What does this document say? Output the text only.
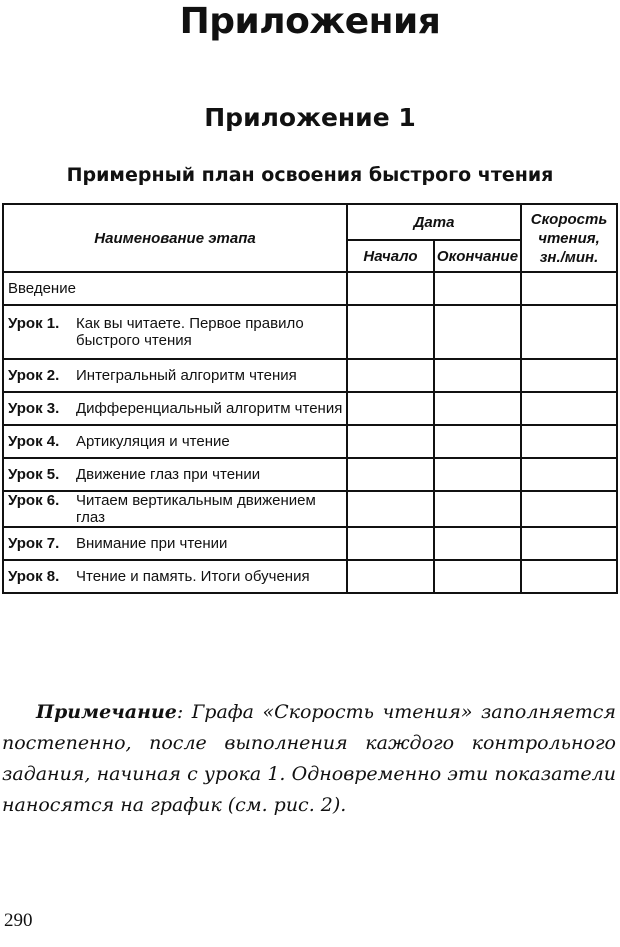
Приложения
Приложение 1
Примерный план освоения быстрого чтения
Наименование этапа	Дата		Скорость
чтения,
зн./мин.
	Начало	Окончание	
Введение			

Урок 1. Как вы читаете. Первое правило быстрого чтения			

Урок 2. Интегральный алгоритм чтения			

Урок 3. Дифференциальный алгоритм чтения			

Урок 4. Артикуляция и чтение			

Урок 5. Движение глаз при чтении			

Урок 6. Читаем вертикальным движением глаз			

Урок 7. Внимание при чтении			

Урок 8. Чтение и память. Итоги обучения			

Примечание: Графа «Скорость чтения» заполняется постепенно, после выполнения каждого контрольного задания, начиная с урока 1. Одновременно эти показатели наносятся на график (см. рис. 2).

290
